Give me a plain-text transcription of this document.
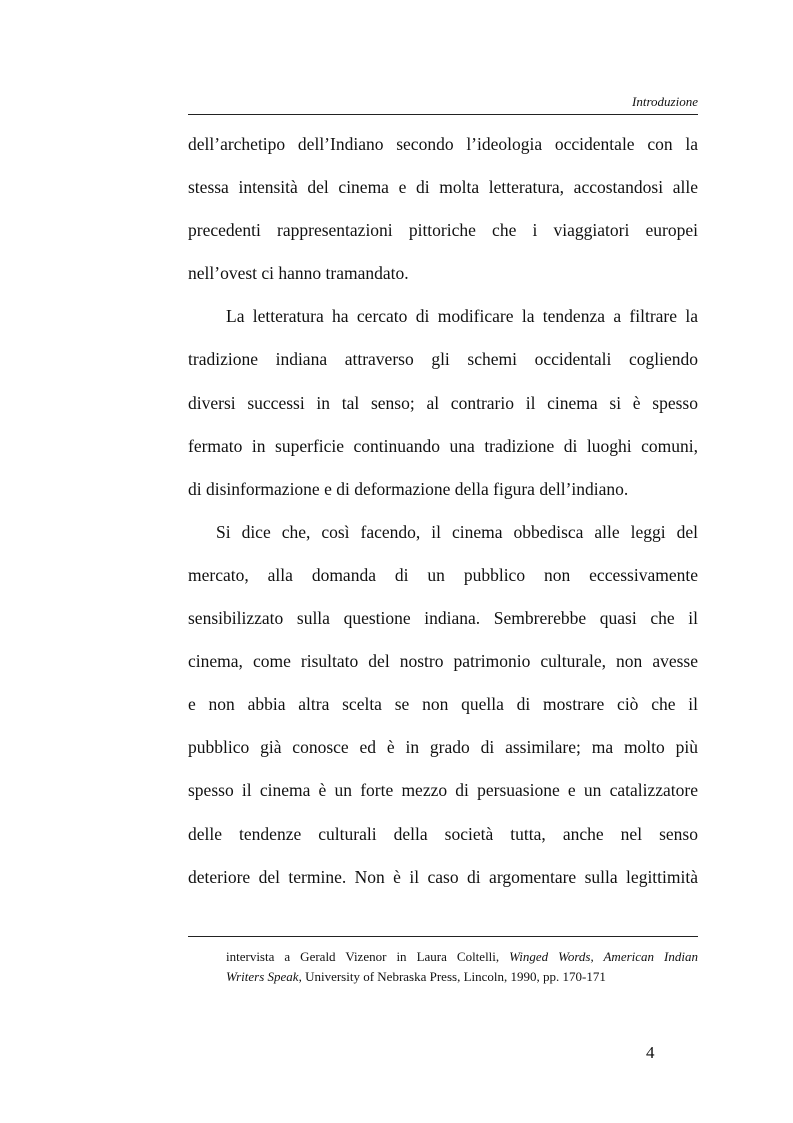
Introduzione
dell’archetipo dell’Indiano secondo l’ideologia occidentale con la
stessa intensità del cinema e di molta letteratura, accostandosi alle
precedenti rappresentazioni pittoriche che i viaggiatori europei
nell’ovest ci hanno tramandato.
La letteratura ha cercato di modificare la tendenza a filtrare la
tradizione indiana attraverso gli schemi occidentali cogliendo
diversi successi in tal senso; al contrario il cinema si è spesso
fermato in superficie continuando una tradizione di luoghi comuni,
di disinformazione e di deformazione della figura dell’indiano.
Si dice che, così facendo, il cinema obbedisca alle leggi del
mercato, alla domanda di un pubblico non eccessivamente
sensibilizzato sulla questione indiana. Sembrerebbe quasi che il
cinema, come risultato del nostro patrimonio culturale, non avesse
e non abbia altra scelta se non quella di mostrare ciò che il
pubblico già conosce ed è in grado di assimilare; ma molto più
spesso il cinema è un forte mezzo di persuasione e un catalizzatore
delle tendenze culturali della società tutta, anche nel senso
deteriore del termine. Non è il caso di argomentare sulla legittimità
intervista a Gerald Vizenor in Laura Coltelli, Winged Words, American Indian
Writers Speak, University of Nebraska Press, Lincoln, 1990, pp. 170-171
4
